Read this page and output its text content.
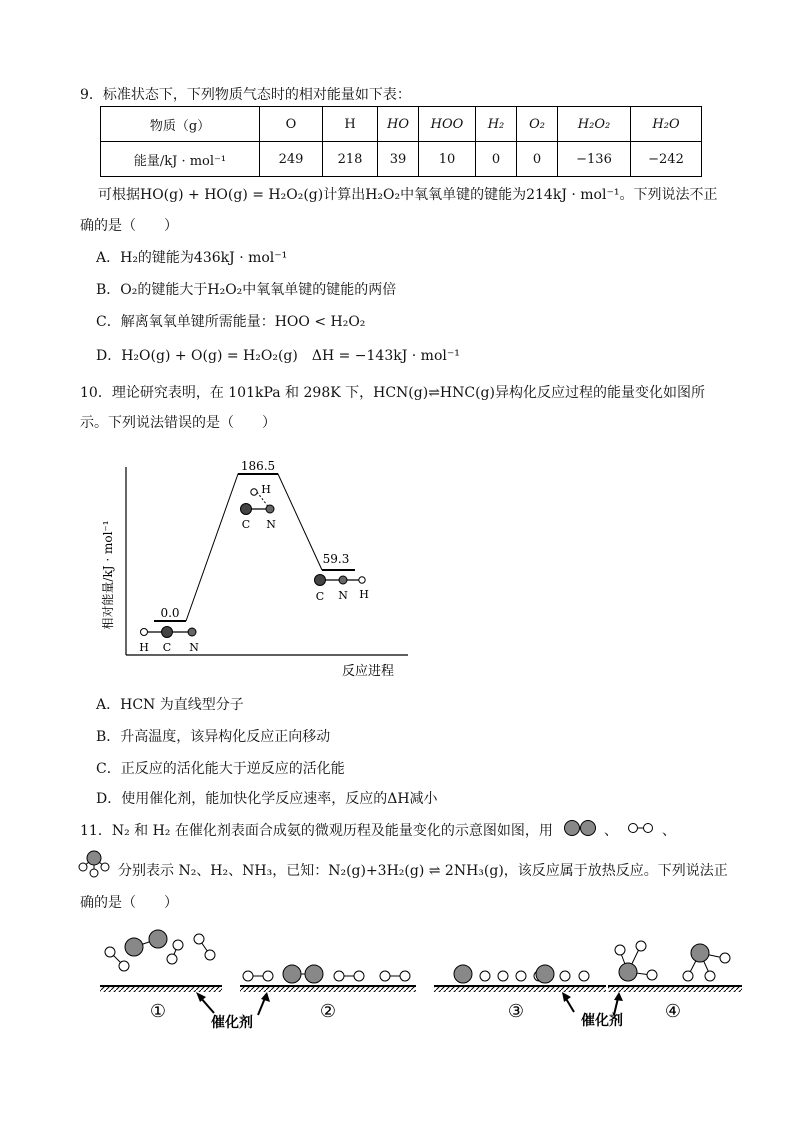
9．标准状态下，下列物质气态时的相对能量如下表：
物质（g）	O	H	HO	HOO	H₂	O₂	H₂O₂	H₂O
能量/kJ · mol⁻¹	249	218	39	10	0	0	−136	−242
可根据HO(g) + HO(g) = H₂O₂(g)计算出H₂O₂中氧氧单键的键能为214kJ · mol⁻¹。下列说法不正
确的是（　　）
A．H₂的键能为436kJ · mol⁻¹
B．O₂的键能大于H₂O₂中氧氧单键的键能的两倍
C．解离氧氧单键所需能量：HOO < H₂O₂
D．H₂O(g) + O(g) = H₂O₂(g)　ΔH = −143kJ · mol⁻¹
10．理论研究表明，在 101kPa 和 298K 下，HCN(g)⇌HNC(g)异构化反应过程的能量变化如图所
示。下列说法错误的是（　　）
相对能量/kJ · mol⁻¹
反应进程
0.0
186.5
59.3
H C N
H
C N
C N H
A．HCN 为直线型分子
B．升高温度，该异构化反应正向移动
C．正反应的活化能大于逆反应的活化能
D．使用催化剂，能加快化学反应速率，反应的ΔH减小
11．N₂ 和 H₂ 在催化剂表面合成氨的微观历程及能量变化的示意图如图，用	、	、
分别表示 N₂、H₂、NH₃，已知：N₂(g)+3H₂(g) ⇌ 2NH₃(g)，该反应属于放热反应。下列说法正
确的是（　　）
催化剂	催化剂
①	②	③	④
